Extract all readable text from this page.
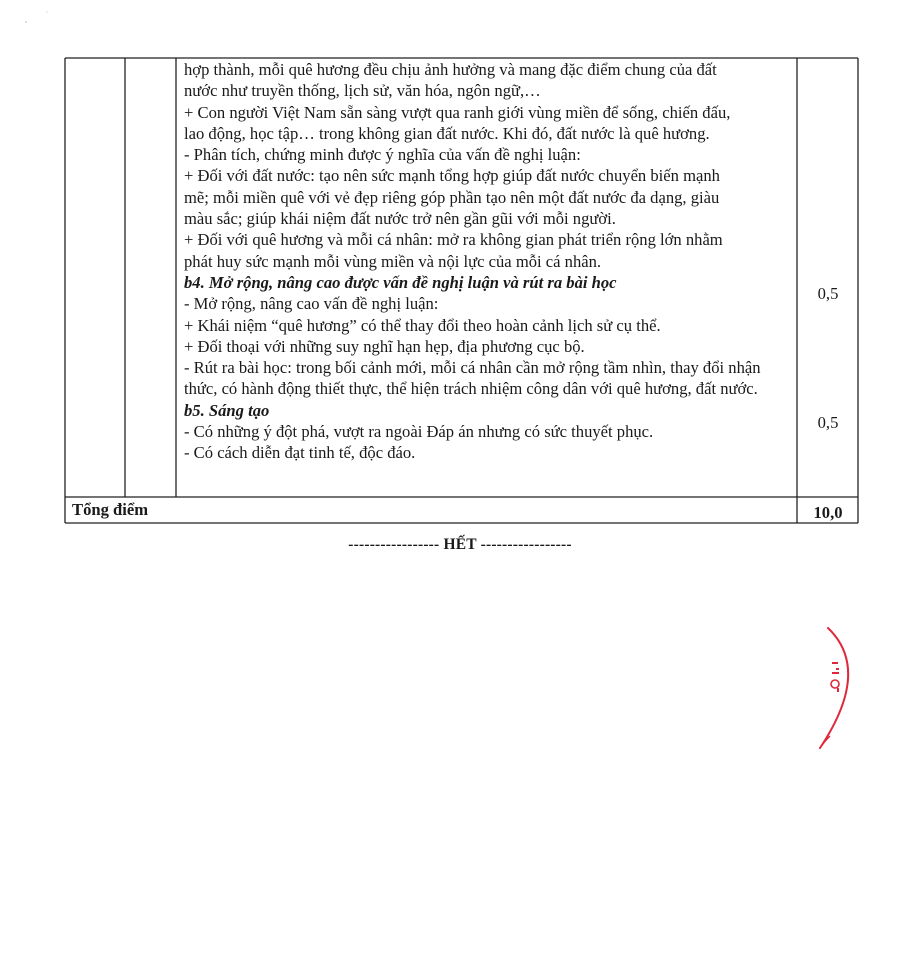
hợp thành, mỗi quê hương đều chịu ảnh hưởng và mang đặc điểm chung của đất
nước như truyền thống, lịch sử, văn hóa, ngôn ngữ,…
+ Con người Việt Nam sẵn sàng vượt qua ranh giới vùng miền để sống, chiến đấu,
lao động, học tập… trong không gian đất nước. Khi đó, đất nước là quê hương.
- Phân tích, chứng minh được ý nghĩa của vấn đề nghị luận:
+ Đối với đất nước: tạo nên sức mạnh tổng hợp giúp đất nước chuyển biến mạnh
mẽ; mỗi miền quê với vẻ đẹp riêng góp phần tạo nên một đất nước đa dạng, giàu
màu sắc; giúp khái niệm đất nước trở nên gần gũi với mỗi người.
+ Đối với quê hương và mỗi cá nhân: mở ra không gian phát triển rộng lớn nhằm
phát huy sức mạnh mỗi vùng miền và nội lực của mỗi cá nhân.
b4. Mở rộng, nâng cao được vấn đề nghị luận và rút ra bài học
- Mở rộng, nâng cao vấn đề nghị luận:
+ Khái niệm “quê hương” có thể thay đổi theo hoàn cảnh lịch sử cụ thể.
+ Đối thoại với những suy nghĩ hạn hẹp, địa phương cục bộ.
- Rút ra bài học: trong bối cảnh mới, mỗi cá nhân cần mở rộng tầm nhìn, thay đổi nhận
thức, có hành động thiết thực, thể hiện trách nhiệm công dân với quê hương, đất nước.
b5. Sáng tạo
- Có những ý đột phá, vượt ra ngoài Đáp án nhưng có sức thuyết phục.
- Có cách diễn đạt tinh tế, độc đáo.
0,5
0,5
Tổng điểm	10,0
----------------- HẾT -----------------
